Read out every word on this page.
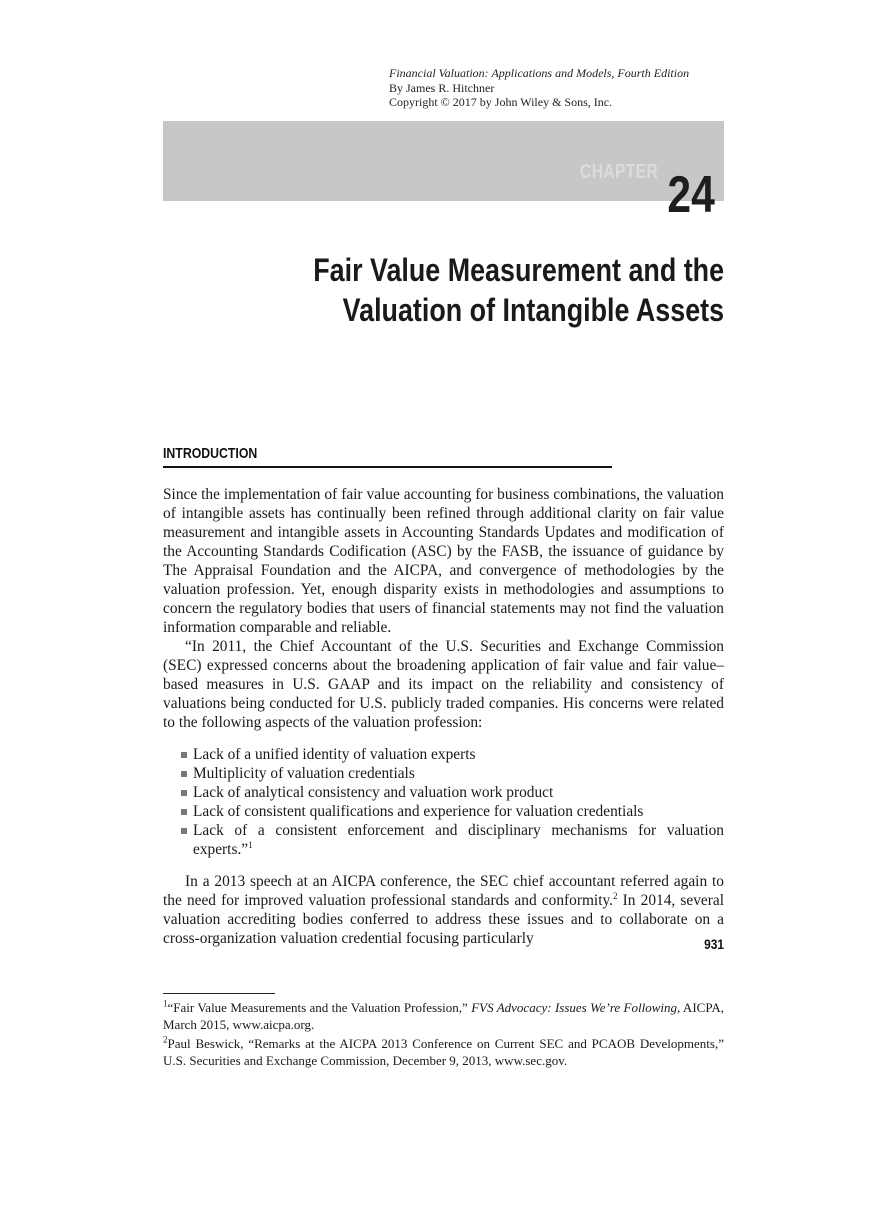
Financial Valuation: Applications and Models, Fourth Edition
By James R. Hitchner
Copyright © 2017 by John Wiley & Sons, Inc.
CHAPTER 24
Fair Value Measurement and the
Valuation of Intangible Assets
INTRODUCTION

Since the implementation of fair value accounting for business combinations, the valuation of intangible assets has continually been refined through additional clarity on fair value measurement and intangible assets in Accounting Standards Updates and modification of the Accounting Standards Codification (ASC) by the FASB, the issuance of guidance by The Appraisal Foundation and the AICPA, and convergence of methodologies by the valuation profession. Yet, enough disparity exists in methodologies and assumptions to concern the regulatory bodies that users of financial statements may not find the valuation information comparable and reliable.

“In 2011, the Chief Accountant of the U.S. Securities and Exchange Commission (SEC) expressed concerns about the broadening application of fair value and fair value–based measures in U.S. GAAP and its impact on the reliability and consistency of valuations being conducted for U.S. publicly traded companies. His concerns were related to the following aspects of the valuation profession:

Lack of a unified identity of valuation experts
Multiplicity of valuation credentials
Lack of analytical consistency and valuation work product
Lack of consistent qualifications and experience for valuation credentials
Lack of a consistent enforcement and disciplinary mechanisms for valuation experts.”$^1$

In a 2013 speech at an AICPA conference, the SEC chief accountant referred again to the need for improved valuation professional standards and conformity.$^2$ In 2014, several valuation accrediting bodies conferred to address these issues and to collaborate on a cross-organization valuation credential focusing particularly

$^1$“Fair Value Measurements and the Valuation Profession,” FVS Advocacy: Issues We’re Following, AICPA, March 2015, www.aicpa.org.

$^2$Paul Beswick, “Remarks at the AICPA 2013 Conference on Current SEC and PCAOB Developments,” U.S. Securities and Exchange Commission, December 9, 2013, www.sec.gov.

931
